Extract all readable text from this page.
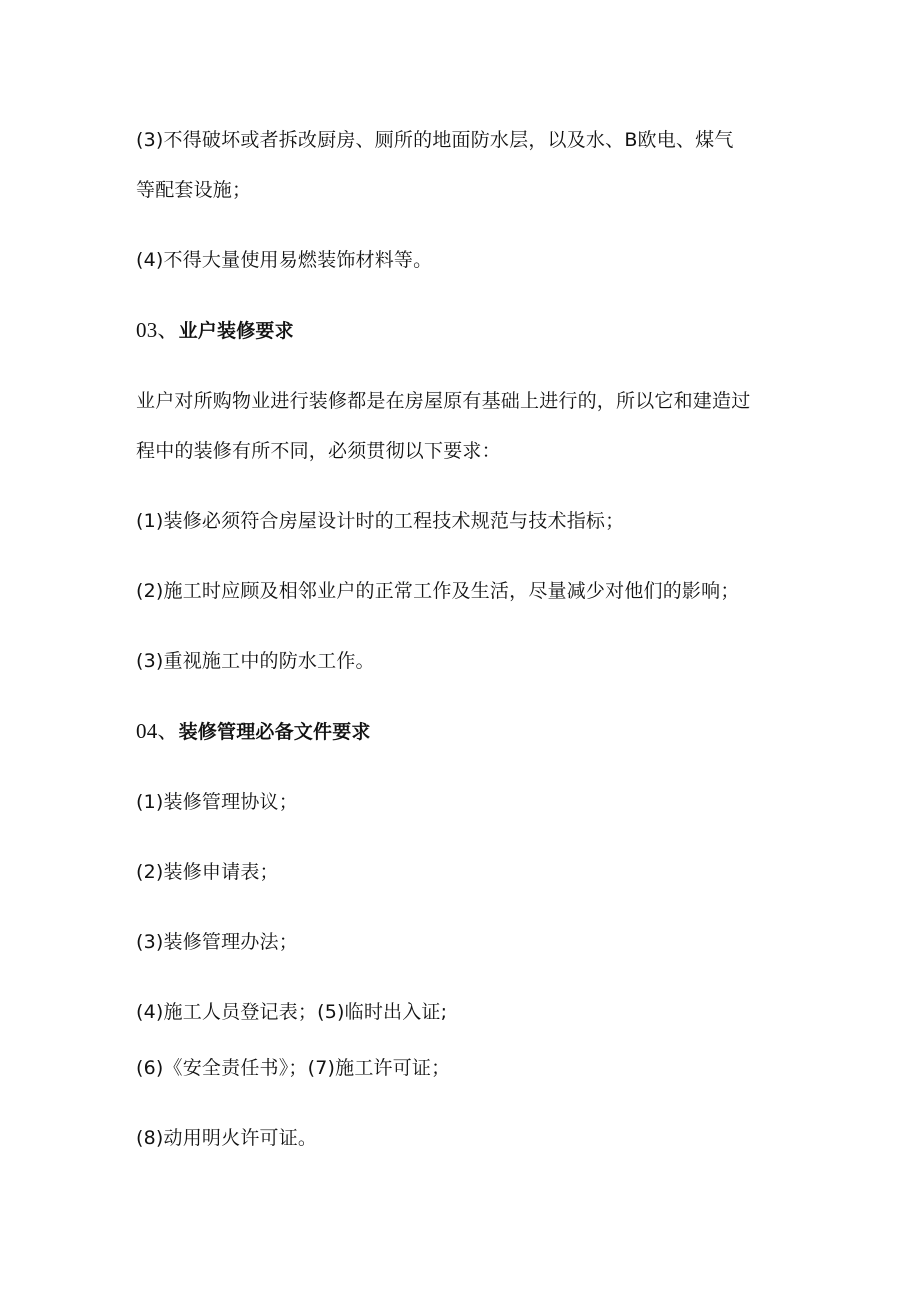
(3)不得破坏或者拆改厨房、厕所的地面防水层，以及水、B欧电、煤气
等配套设施；
(4)不得大量使用易燃装饰材料等。
03、业户装修要求
业户对所购物业进行装修都是在房屋原有基础上进行的，所以它和建造过
程中的装修有所不同，必须贯彻以下要求：
(1)装修必须符合房屋设计时的工程技术规范与技术指标；
(2)施工时应顾及相邻业户的正常工作及生活，尽量减少对他们的影响；
(3)重视施工中的防水工作。
04、装修管理必备文件要求
(1)装修管理协议；
(2)装修申请表；
(3)装修管理办法；
(4)施工人员登记表；(5)临时出入证;
(6)《安全责任书》；(7)施工许可证；
(8)动用明火许可证。
